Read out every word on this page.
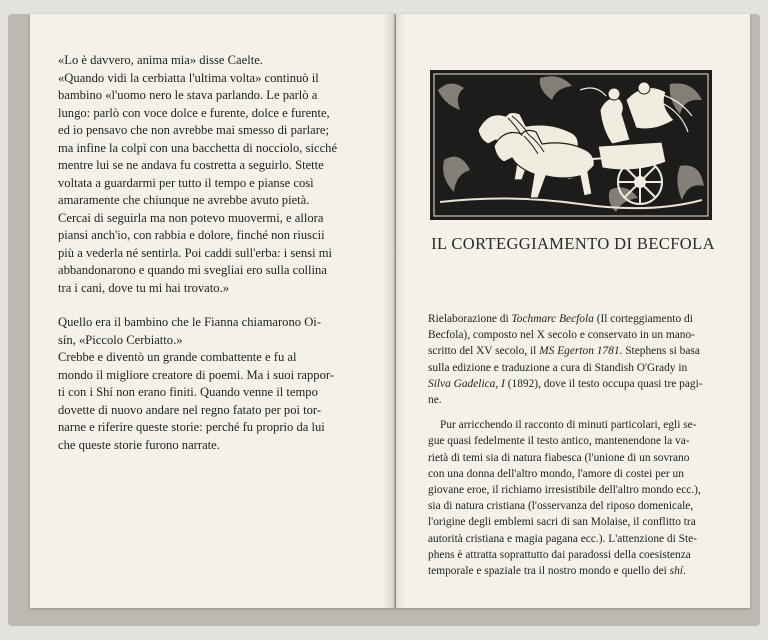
«Lo è davvero, anima mia» disse Caelte.
«Quando vidi la cerbiatta l'ultima volta» continuò il
bambino «l'uomo nero le stava parlando. Le parlò a
lungo: parlò con voce dolce e furente, dolce e furente,
ed io pensavo che non avrebbe mai smesso di parlare;
ma infine la colpì con una bacchetta di nocciolo, sicché
mentre lui se ne andava fu costretta a seguirlo. Stette
voltata a guardarmi per tutto il tempo e pianse così
amaramente che chiunque ne avrebbe avuto pietà.
Cercai di seguirla ma non potevo muovermi, e allora
piansi anch'io, con rabbia e dolore, finché non riuscii
più a vederla né sentirla. Poi caddi sull'erba: i sensi mi
abbandonarono e quando mi svegliai ero sulla collina
tra i cani, dove tu mi hai trovato.»
Quello era il bambino che le Fianna chiamarono Oi-
sín, «Piccolo Cerbiatto.»
Crebbe e diventò un grande combattente e fu al
mondo il migliore creatore di poemi. Ma i suoi rappor-
ti con i Shí non erano finiti. Quando venne il tempo
dovette di nuovo andare nel regno fatato per poi tor-
narne e riferire queste storie: perché fu proprio da lui
che queste storie furono narrate.
IL CORTEGGIAMENTO DI BECFOLA
Rielaborazione di Tochmarc Becfola (Il corteggiamento di
Becfola), composto nel X secolo e conservato in un mano-
scritto del XV secolo, il MS Egerton 1781. Stephens si basa
sulla edizione e traduzione a cura di Standish O'Grady in
Silva Gadelica, I (1892), dove il testo occupa quasi tre pagi-
ne.
Pur arricchendo il racconto di minuti particolari, egli se-
gue quasi fedelmente il testo antico, mantenendone la va-
rietà di temi sia di natura fiabesca (l'unione di un sovrano
con una donna dell'altro mondo, l'amore di costei per un
giovane eroe, il richiamo irresistibile dell'altro mondo ecc.),
sia di natura cristiana (l'osservanza del riposo domenicale,
l'origine degli emblemi sacri di san Molaise, il conflitto tra
autorità cristiana e magia pagana ecc.). L'attenzione di Ste-
phens è attratta soprattutto dai paradossi della coesistenza
temporale e spaziale tra il nostro mondo e quello dei shí.
